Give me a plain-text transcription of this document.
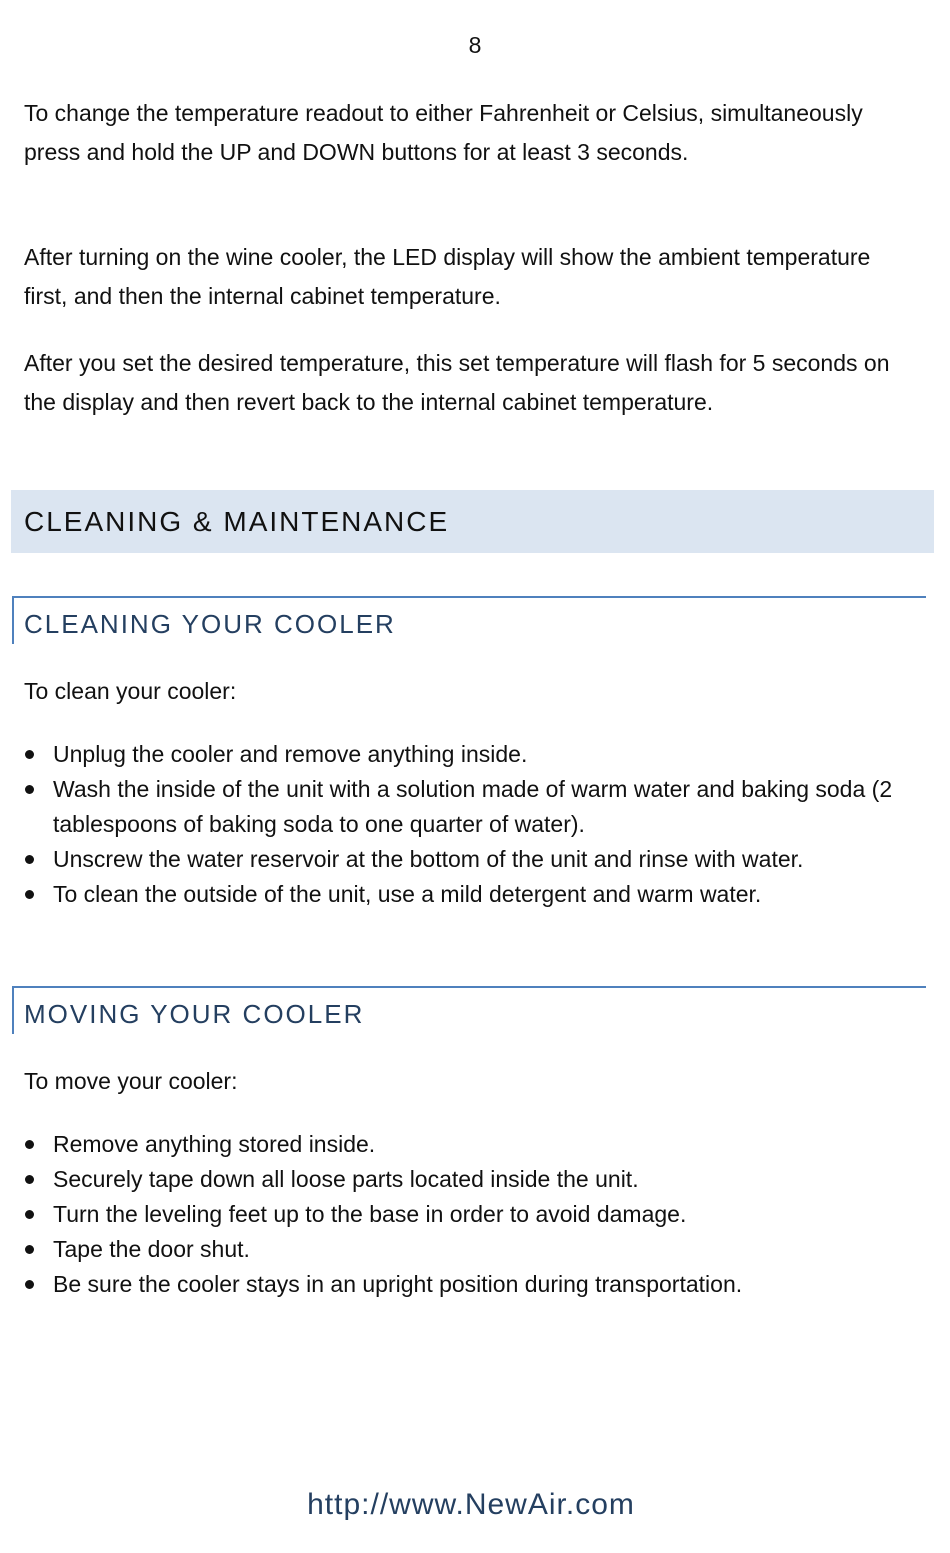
8

To change the temperature readout to either Fahrenheit or Celsius, simultaneously press and hold the UP and DOWN buttons for at least 3 seconds.

After turning on the wine cooler, the LED display will show the ambient temperature first, and then the internal cabinet temperature.

After you set the desired temperature, this set temperature will flash for 5 seconds on the display and then revert back to the internal cabinet temperature.

CLEANING & MAINTENANCE
CLEANING YOUR COOLER

To clean your cooler:

Unplug the cooler and remove anything inside.
Wash the inside of the unit with a solution made of warm water and baking soda (2 tablespoons of baking soda to one quarter of water).
Unscrew the water reservoir at the bottom of the unit and rinse with water.
To clean the outside of the unit, use a mild detergent and warm water.
MOVING YOUR COOLER

To move your cooler:

Remove anything stored inside.
Securely tape down all loose parts located inside the unit.
Turn the leveling feet up to the base in order to avoid damage.
Tape the door shut.
Be sure the cooler stays in an upright position during transportation.
http://www.NewAir.com
